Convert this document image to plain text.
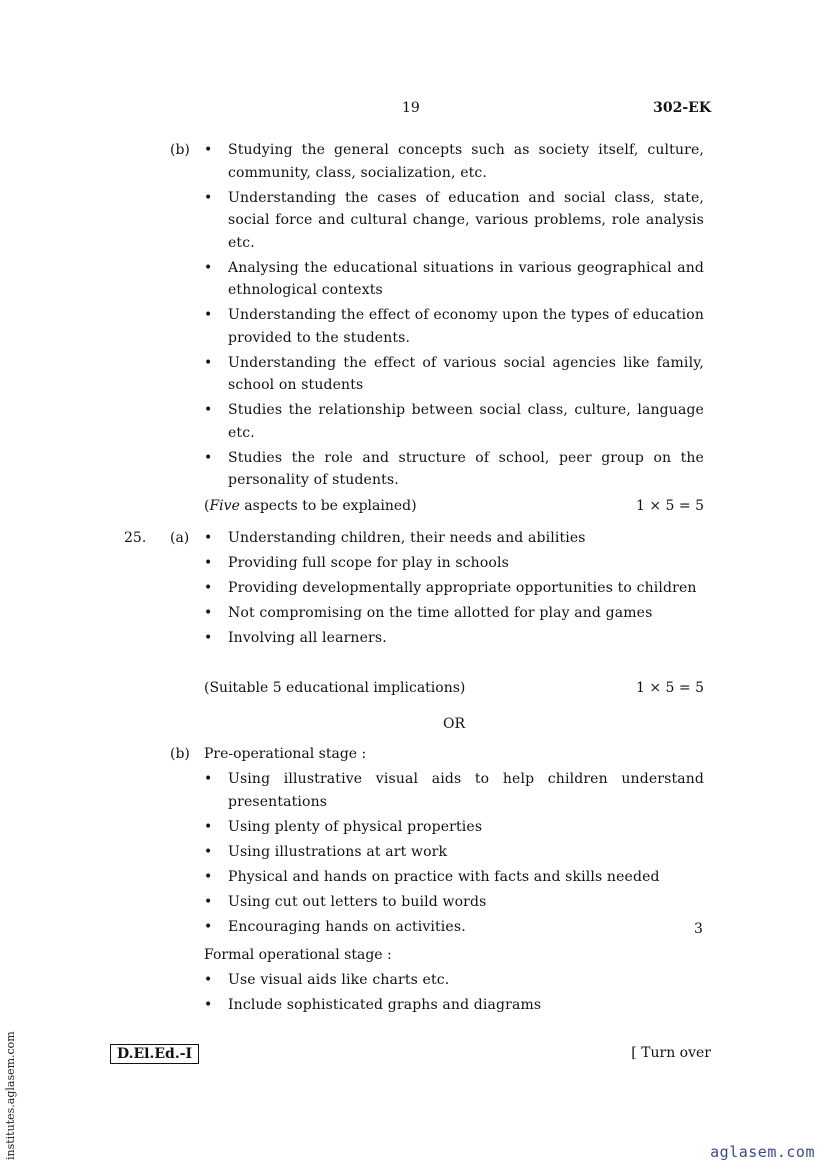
19	302-EK
(b)	• Studying the general concepts such as society itself, culture, community, class, socialization, etc.
• Understanding the cases of education and social class, state, social force and cultural change, various problems, role analysis etc.
• Analysing the educational situations in various geographical and ethnological contexts
• Understanding the effect of economy upon the types of education provided to the students.
• Understanding the effect of various social agencies like family, school on students
• Studies the relationship between social class, culture, language etc.
• Studies the role and structure of school, peer group on the personality of students.
(Five aspects to be explained)	1 × 5 = 5
25. (a)	• Understanding children, their needs and abilities
• Providing full scope for play in schools
• Providing developmentally appropriate opportunities to children
• Not compromising on the time allotted for play and games
• Involving all learners.
(Suitable 5 educational implications)	1 × 5 = 5
OR
(b) Pre-operational stage :
• Using illustrative visual aids to help children understand presentations
• Using plenty of physical properties
• Using illustrations at art work
• Physical and hands on practice with facts and skills needed
• Using cut out letters to build words
• Encouraging hands on activities.	3
Formal operational stage :
• Use visual aids like charts etc.
• Include sophisticated graphs and diagrams
D.El.Ed.-I	[ Turn over
institutes.aglasem.com	aglasem.com
